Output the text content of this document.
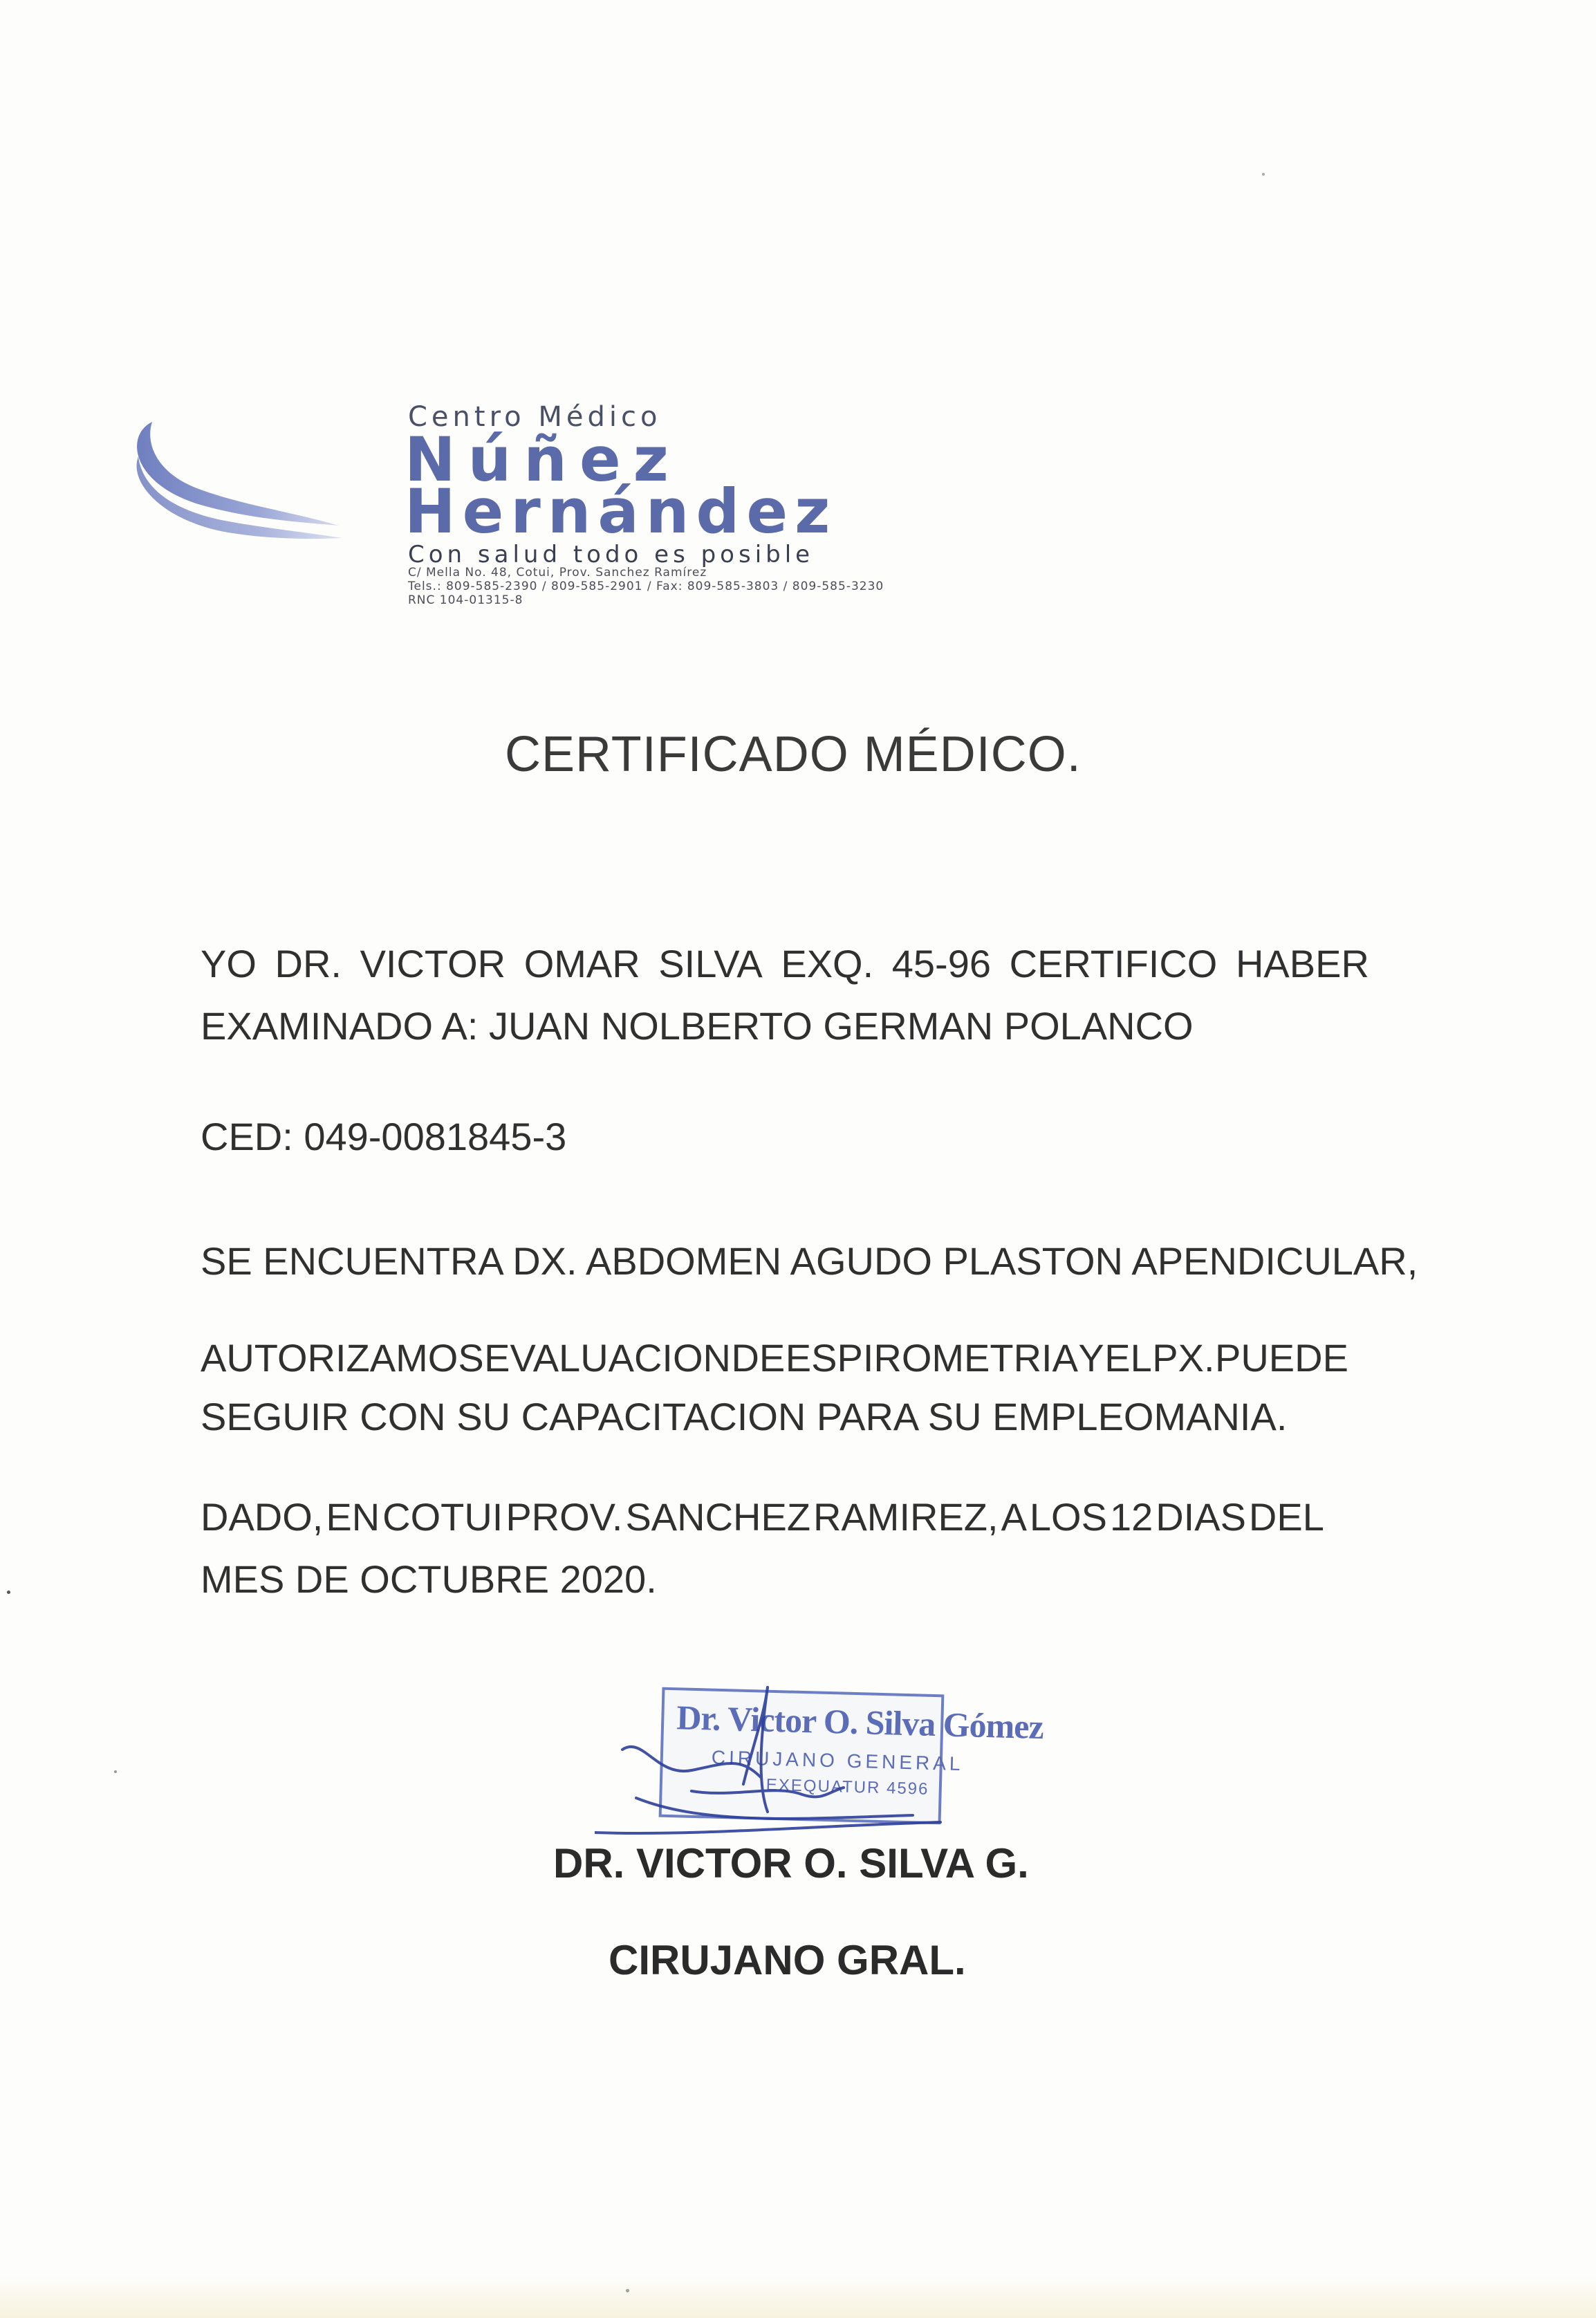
Centro Médico
Núñez
Hernández
Con salud todo es posible
C/ Mella No. 48, Cotui, Prov. Sanchez Ramírez
Tels.: 809-585-2390 / 809-585-2901 / Fax: 809-585-3803 / 809-585-3230
RNC 104-01315-8
CERTIFICADO MÉDICO.
YO DR. VICTOR OMAR SILVA EXQ. 45-96 CERTIFICO HABER
EXAMINADO A: JUAN NOLBERTO GERMAN POLANCO
CED: 049-0081845-3
SE ENCUENTRA DX. ABDOMEN AGUDO PLASTON APENDICULAR,
AUTORIZAMOS EVALUACION DE ESPIROMETRIA Y EL PX. PUEDE
SEGUIR CON SU CAPACITACION PARA SU EMPLEOMANIA.
DADO, EN COTUI PROV. SANCHEZ RAMIREZ, A LOS 12 DIAS DEL
MES DE OCTUBRE 2020.
Dr. Victor O. Silva Gómez
CIRUJANO GENERAL
EXEQUATUR 4596
DR. VICTOR O. SILVA G.
CIRUJANO GRAL.
